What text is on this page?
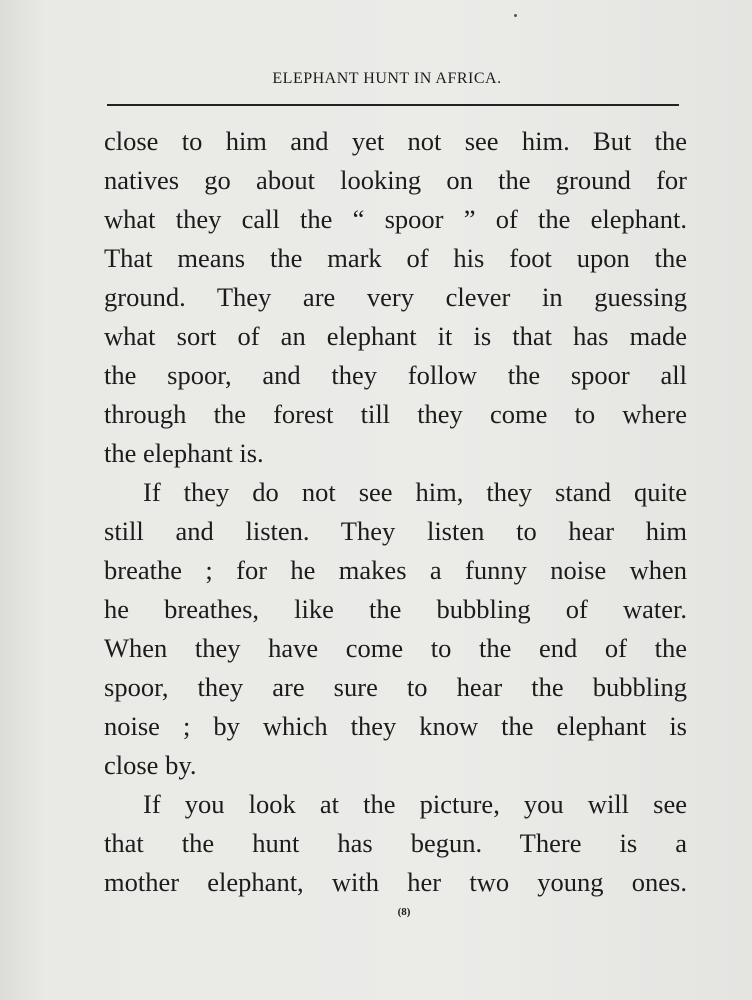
ELEPHANT HUNT IN AFRICA.
close to him and yet not see him. But the
natives go about looking on the ground for
what they call the “ spoor ” of the elephant.
That means the mark of his foot upon the
ground. They are very clever in guessing
what sort of an elephant it is that has made
the spoor, and they follow the spoor all
through the forest till they come to where
the elephant is.
If they do not see him, they stand quite
still and listen. They listen to hear him
breathe ; for he makes a funny noise when
he breathes, like the bubbling of water.
When they have come to the end of the
spoor, they are sure to hear the bubbling
noise ; by which they know the elephant is
close by.
If you look at the picture, you will see
that the hunt has begun. There is a
mother elephant, with her two young ones.
(8)
